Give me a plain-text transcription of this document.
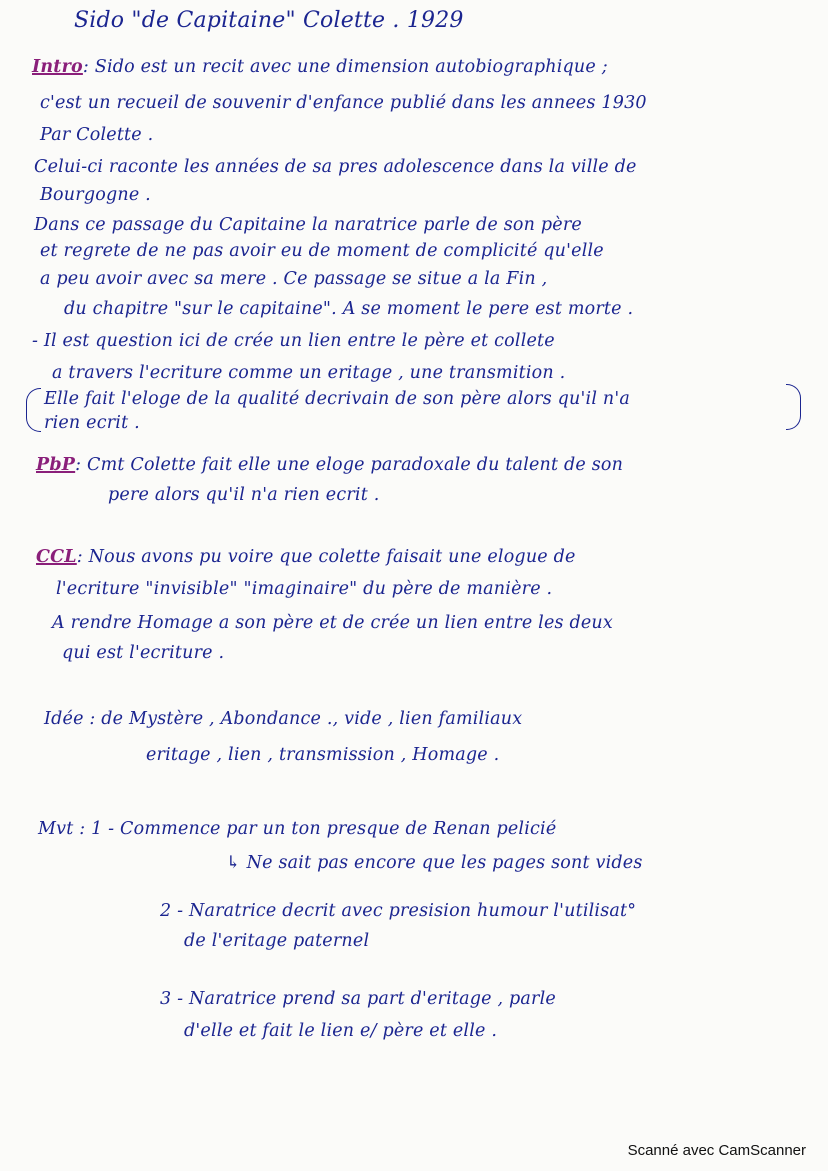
Sido "de Capitaine" Colette . 1929

Intro: Sido est un recit avec une dimension autobiographique ;

c'est un recueil de souvenir d'enfance publié dans les annees 1930

Par Colette .

Celui-ci raconte les années de sa pres adolescence dans la ville de

Bourgogne .

Dans ce passage du Capitaine la naratrice parle de son père

et regrete de ne pas avoir eu de moment de complicité qu'elle

a peu avoir avec sa mere . Ce passage se situe a la Fin ,

du chapitre "sur le capitaine". A se moment le pere est morte .

- Il est question ici de crée un lien entre le père et collete

a travers l'ecriture comme un eritage , une transmition .

Elle fait l'eloge de la qualité decrivain de son père alors qu'il n'a

rien ecrit .

PbP: Cmt Colette fait elle une eloge paradoxale du talent de son

pere alors qu'il n'a rien ecrit .

CCL: Nous avons pu voire que colette faisait une elogue de

l'ecriture "invisible" "imaginaire" du père de manière .

A rendre Homage a son père et de crée un lien entre les deux

qui est l'ecriture .

Idée : de Mystère , Abondance ., vide , lien familiaux

eritage , lien , transmission , Homage .

Mvt : 1 - Commence par un ton presque de Renan pelicié

↳ Ne sait pas encore que les pages sont vides

2 - Naratrice decrit avec presision humour l'utilisat°

de l'eritage paternel

3 - Naratrice prend sa part d'eritage , parle

d'elle et fait le lien e/ père et elle .

Scanné avec CamScanner
